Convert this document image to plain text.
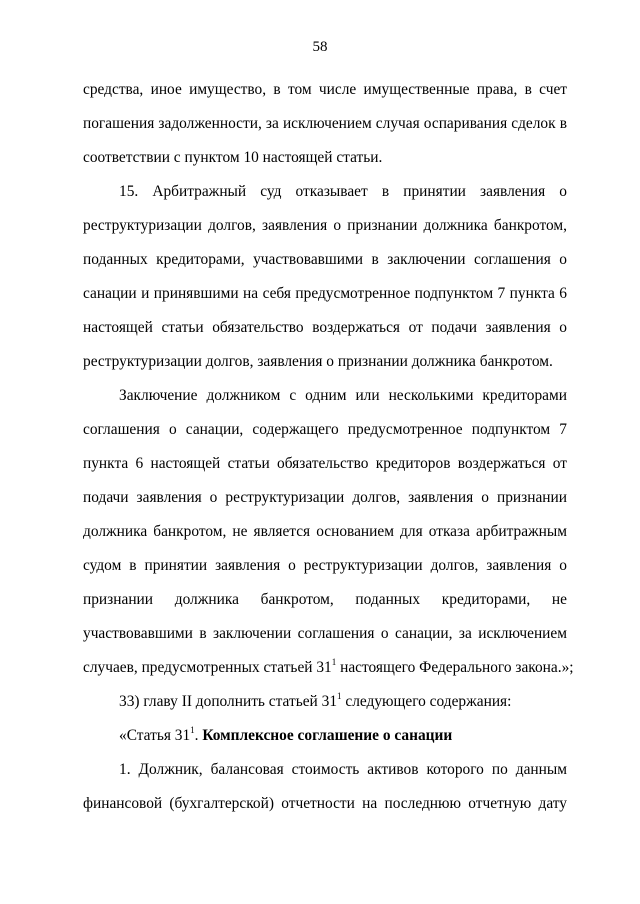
58
средства, иное имущество, в том числе имущественные права, в счет
погашения задолженности, за исключением случая оспаривания сделок в
соответствии с пунктом 10 настоящей статьи.
15. Арбитражный суд отказывает в принятии заявления о
реструктуризации долгов, заявления о признании должника банкротом,
поданных кредиторами, участвовавшими в заключении соглашения о
санации и принявшими на себя предусмотренное подпунктом 7 пункта 6
настоящей статьи обязательство воздержаться от подачи заявления о
реструктуризации долгов, заявления о признании должника банкротом.
Заключение должником с одним или несколькими кредиторами
соглашения о санации, содержащего предусмотренное подпунктом 7
пункта 6 настоящей статьи обязательство кредиторов воздержаться от
подачи заявления о реструктуризации долгов, заявления о признании
должника банкротом, не является основанием для отказа арбитражным
судом в принятии заявления о реструктуризации долгов, заявления о
признании должника банкротом, поданных кредиторами, не
участвовавшими в заключении соглашения о санации, за исключением
случаев, предусмотренных статьей $31^1$ настоящего Федерального закона.»;
33) главу II дополнить статьей $31^1$ следующего содержания:
«Статья $31^1$. Комплексное соглашение о санации
1. Должник, балансовая стоимость активов которого по данным
финансовой (бухгалтерской) отчетности на последнюю отчетную дату
